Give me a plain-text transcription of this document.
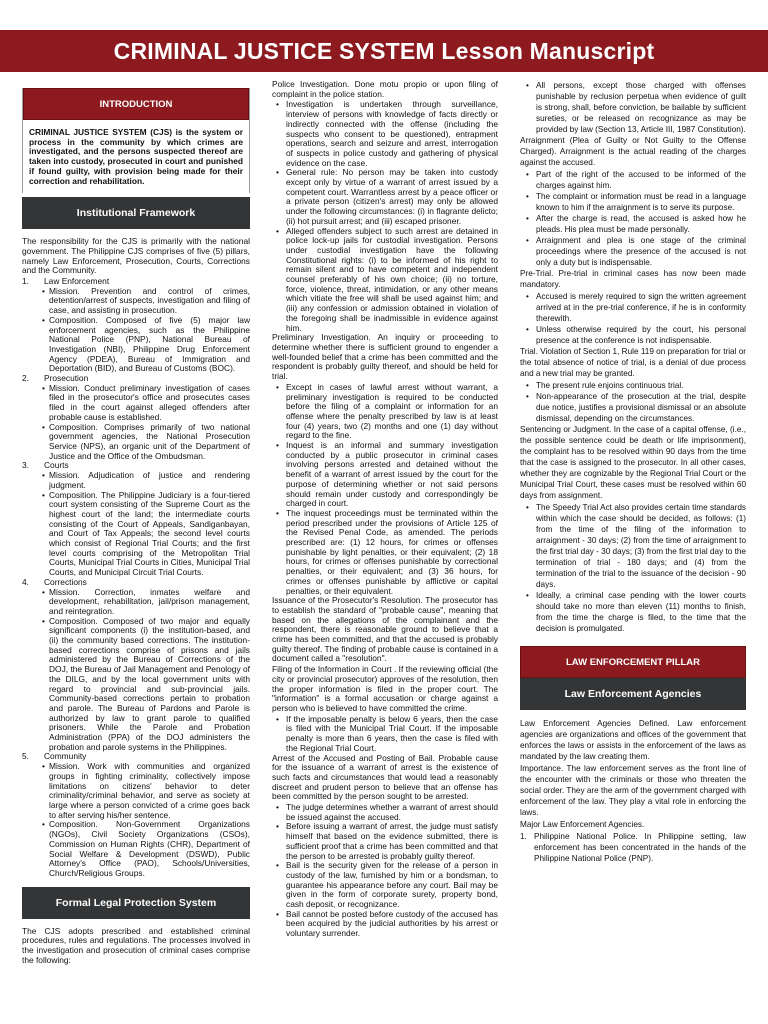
CRIMINAL JUSTICE SYSTEM Lesson Manuscript
INTRODUCTION

CRIMINAL JUSTICE SYSTEM (CJS) is the system or process in the community by which crimes are investigated, and the persons suspected thereof are taken into custody, prosecuted in court and punished if found guilty, with provision being made for their correction and rehabilitation.

Institutional Framework

The responsibility for the CJS is primarily with the national government. The Philippine CJS comprises of five (5) pillars, namely Law Enforcement, Prosecution, Courts, Corrections and the Community.

1.	Law Enforcement
• Mission. Prevention and control of crimes, detention/arrest of suspects, investigation and filing of case, and assisting in prosecution.
• Composition. Composed of five (5) major law enforcement agencies, such as the Philippine National Police (PNP), National Bureau of Investigation (NBI), Philippine Drug Enforcement Agency (PDEA), Bureau of Immigration and Deportation (BID), and Bureau of Customs (BOC).
2.	Prosecution
• Mission. Conduct preliminary investigation of cases filed in the prosecutor's office and prosecutes cases filed in the court against alleged offenders after probable cause is established.
• Composition. Comprises primarily of two national government agencies, the National Prosecution Service (NPS), an organic unit of the Department of Justice and the Office of the Ombudsman.
3.	Courts
• Mission. Adjudication of justice and rendering judgment.
• Composition. The Philippine Judiciary is a four-tiered court system consisting of the Supreme Court as the highest court of the land; the intermediate courts consisting of the Court of Appeals, Sandiganbayan, and Court of Tax Appeals; the second level courts which consist of Regional Trial Courts; and the first level courts comprising of the Metropolitan Trial Courts, Municipal Trial Courts in Cities, Municipal Trial Courts, and Municipal Circuit Trial Courts.
4.	Corrections
• Mission. Correction, inmates welfare and development, rehabilitation, jail/prison management, and reintegration.
• Composition. Composed of two major and equally significant components (i) the institution-based, and (ii) the community based corrections. The institution-based corrections comprise of prisons and jails administered by the Bureau of Corrections of the DOJ, the Bureau of Jail Management and Penology of the DILG, and by the local government units with regard to provincial and sub-provincial jails. Community-based corrections pertain to probation and parole. The Bureau of Pardons and Parole is authorized by law to grant parole to qualified prisoners. While the Parole and Probation Administration (PPA) of the DOJ administers the probation and parole systems in the Philippines.
5.	Community
• Mission. Work with communities and organized groups in fighting criminality, collectively impose limitations on citizens' behavior to deter criminality/criminal behavior, and serve as society at large where a person convicted of a crime goes back to after serving his/her sentence.
• Composition. Non-Government Organizations (NGOs), Civil Society Organizations (CSOs), Commission on Human Rights (CHR), Department of Social Welfare & Development (DSWD), Public Attorney's Office (PAO), Schools/Universities, Church/Religious Groups.
Formal Legal Protection System

The CJS adopts prescribed and established criminal procedures, rules and regulations. The processes involved in the investigation and prosecution of criminal cases comprise the following:

Police Investigation. Done motu propio or upon filing of complaint in the police station.

• Investigation is undertaken through surveillance, interview of persons with knowledge of facts directly or indirectly connected with the offense (including the suspects who consent to be questioned), entrapment operations, search and seizure and arrest, interrogation of suspects in police custody and gathering of physical evidence on the case.
• General rule: No person may be taken into custody except only by virtue of a warrant of arrest issued by a competent court. Warrantless arrest by a peace officer or a private person (citizen's arrest) may only be allowed under the following circumstances: (i) in flagrante delicto; (ii) hot pursuit arrest; and (iii) escaped prisoner.
• Alleged offenders subject to such arrest are detained in police lock-up jails for custodial investigation. Persons under custodial investigation have the following Constitutional rights: (i) to be informed of his right to remain silent and to have competent and independent counsel preferably of his own choice; (ii) no torture, force, violence, threat, intimidation, or any other means which vitiate the free will shall be used against him; and (iii) any confession or admission obtained in violation of the foregoing shall be inadmissible in evidence against him.

Preliminary Investigation. An inquiry or proceeding to determine whether there is sufficient ground to engender a well-founded belief that a crime has been committed and the respondent is probably guilty thereof, and should be held for trial.

• Except in cases of lawful arrest without warrant, a preliminary investigation is required to be conducted before the filing of a complaint or information for an offense where the penalty prescribed by law is at least four (4) years, two (2) months and one (1) day without regard to the fine.
• Inquest is an informal and summary investigation conducted by a public prosecutor in criminal cases involving persons arrested and detained without the benefit of a warrant of arrest issued by the court for the purpose of determining whether or not said persons should remain under custody and correspondingly be charged in court.
• The inquest proceedings must be terminated within the period prescribed under the provisions of Article 125 of the Revised Penal Code, as amended. The periods prescribed are: (1) 12 hours, for crimes or offenses punishable by light penalties, or their equivalent; (2) 18 hours, for crimes or offenses punishable by correctional penalties, or their equivalent; and (3) 36 hours, for crimes or offenses punishable by afflictive or capital penalties, or their equivalent.

Issuance of the Prosecutor's Resolution. The prosecutor has to establish the standard of "probable cause", meaning that based on the allegations of the complainant and the respondent, there is reasonable ground to believe that a crime has been committed, and that the accused is probably guilty thereof. The finding of probable cause is contained in a document called a "resolution".

Filing of the Information in Court . If the reviewing official (the city or provincial prosecutor) approves of the resolution, then the proper information is filed in the proper court. The "information" is a formal accusation or charge against a person who is believed to have committed the crime.

• If the imposable penalty is below 6 years, then the case is filed with the Municipal Trial Court. If the imposable penalty is more than 6 years, then the case is filed with the Regional Trial Court.

Arrest of the Accused and Posting of Bail. Probable cause for the issuance of a warrant of arrest is the existence of such facts and circumstances that would lead a reasonably discreet and prudent person to believe that an offense has been committed by the person sought to be arrested.

• The judge determines whether a warrant of arrest should be issued against the accused.
• Before issuing a warrant of arrest, the judge must satisfy himself that based on the evidence submitted, there is sufficient proof that a crime has been committed and that the person to be arrested is probably guilty thereof.
• Bail is the security given for the release of a person in custody of the law, furnished by him or a bondsman, to guarantee his appearance before any court. Bail may be given in the form of corporate surety, property bond, cash deposit, or recognizance.
• Bail cannot be posted before custody of the accused has been acquired by the judicial authorities by his arrest or voluntary surrender.
• All persons, except those charged with offenses punishable by reclusion perpetua when evidence of guilt is strong, shall, before conviction, be bailable by sufficient sureties, or be released on recognizance as may be provided by law (Section 13, Article III, 1987 Constitution).

Arraignment (Plea of Guilty or Not Guilty to the Offense Charged). Arraignment is the actual reading of the charges against the accused.

• Part of the right of the accused to be informed of the charges against him.
• The complaint or information must be read in a language known to him if the arraignment is to serve its purpose.
• After the charge is read, the accused is asked how he pleads. His plea must be made personally.
• Arraignment and plea is one stage of the criminal proceedings where the presence of the accused is not only a duty but is indispensable.

Pre-Trial. Pre-trial in criminal cases has now been made mandatory.

• Accused is merely required to sign the written agreement arrived at in the pre-trial conference, if he is in conformity therewith.
• Unless otherwise required by the court, his personal presence at the conference is not indispensable.

Trial. Violation of Section 1, Rule 119 on preparation for trial or the total absence of notice of trial, is a denial of due process and a new trial may be granted.

• The present rule enjoins continuous trial.
• Non-appearance of the prosecution at the trial, despite due notice, justifies a provisional dismissal or an absolute dismissal, depending on the circumstances.

Sentencing or Judgment. In the case of a capital offense, (i.e., the possible sentence could be death or life imprisonment), the complaint has to be resolved within 90 days from the time that the case is assigned to the prosecutor. In all other cases, whether they are cognizable by the Regional Trial Court or the Municipal Trial Court, these cases must be resolved within 60 days from assignment.

• The Speedy Trial Act also provides certain time standards within which the case should be decided, as follows: (1) from the time of the filing of the information to arraignment - 30 days; (2) from the time of arraignment to the first trial day - 30 days; (3) from the first trial day to the termination of trial - 180 days; and (4) from the termination of the trial to the issuance of the decision - 90 days.
• Ideally, a criminal case pending with the lower courts should take no more than eleven (11) months to finish, from the time the charge is filed, to the time that the decision is promulgated.
LAW ENFORCEMENT PILLAR
Law Enforcement Agencies

Law Enforcement Agencies Defined. Law enforcement agencies are organizations and offices of the government that enforces the laws or assists in the enforcement of the laws as mandated by the law creating them.

Importance. The law enforcement serves as the front line of the encounter with the criminals or those who threaten the social order. They are the arm of the government charged with enforcement of the law. They play a vital role in enforcing the laws.

Major Law Enforcement Agencies.

1. Philippine National Police. In Philippine setting, law enforcement has been concentrated in the hands of the Philippine National Police (PNP).
